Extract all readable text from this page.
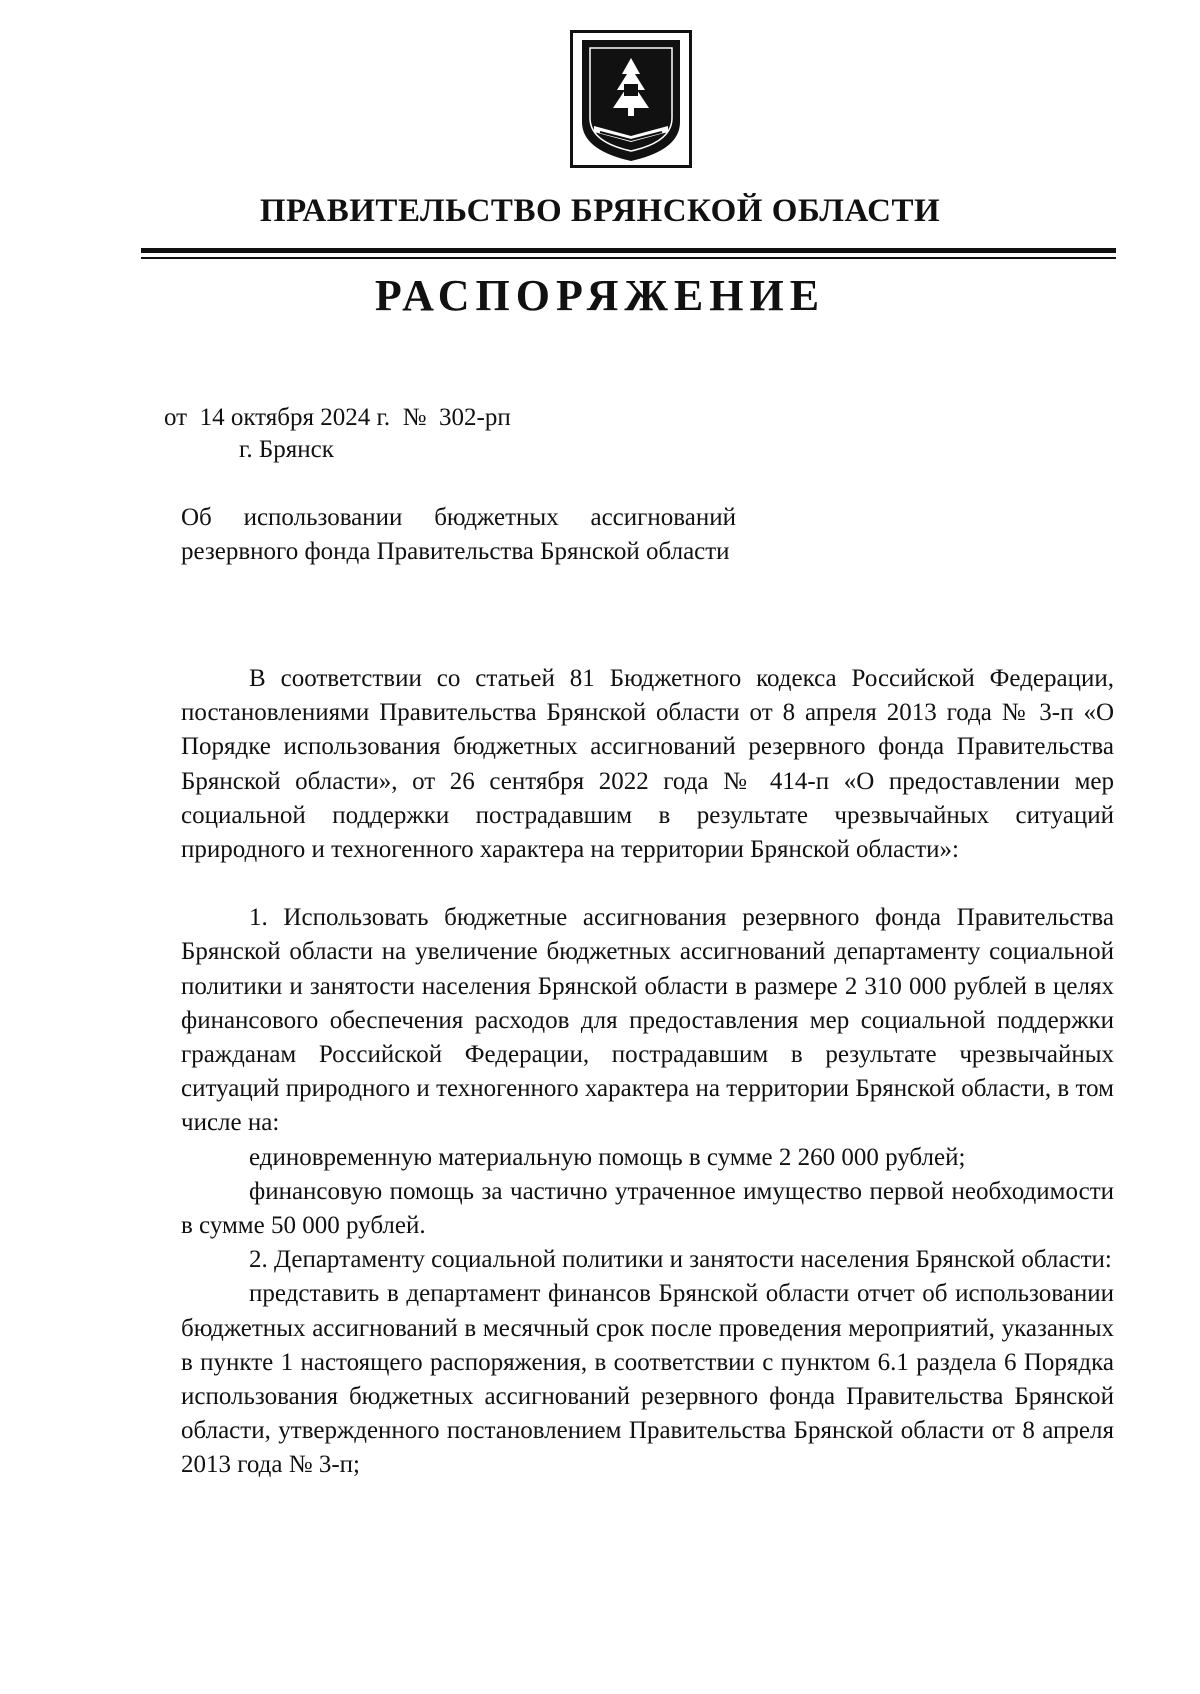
ПРАВИТЕЛЬСТВО БРЯНСКОЙ ОБЛАСТИ
РАСПОРЯЖЕНИЕ
от  14 октября 2024 г.  №  302-рп
г. Брянск
Об использовании бюджетных ассигнований резервного фонда Правительства Брянской области

В соответствии со статьей 81 Бюджетного кодекса Российской Федерации, постановлениями Правительства Брянской области от 8 апреля 2013 года № 3-п «О Порядке использования бюджетных ассигнований резервного фонда Правительства Брянской области», от 26 сентября 2022 года № 414-п «О предоставлении мер социальной поддержки пострадавшим в результате чрезвычайных ситуаций природного и техногенного характера на территории Брянской области»:

1. Использовать бюджетные ассигнования резервного фонда Правительства Брянской области на увеличение бюджетных ассигнований департаменту социальной политики и занятости населения Брянской области в размере 2 310 000 рублей в целях финансового обеспечения расходов для предоставления мер социальной поддержки гражданам Российской Федерации, пострадавшим в результате чрезвычайных ситуаций природного и техногенного характера на территории Брянской области, в том числе на:

единовременную материальную помощь в сумме 2 260 000 рублей;

финансовую помощь за частично утраченное имущество первой необходимости в сумме 50 000 рублей.

2. Департаменту социальной политики и занятости населения Брянской области:

представить в департамент финансов Брянской области отчет об использовании бюджетных ассигнований в месячный срок после проведения мероприятий, указанных в пункте 1 настоящего распоряжения, в соответствии с пунктом 6.1 раздела 6 Порядка использования бюджетных ассигнований резервного фонда Правительства Брянской области, утвержденного постановлением Правительства Брянской области от 8 апреля 2013 года № 3-п;
